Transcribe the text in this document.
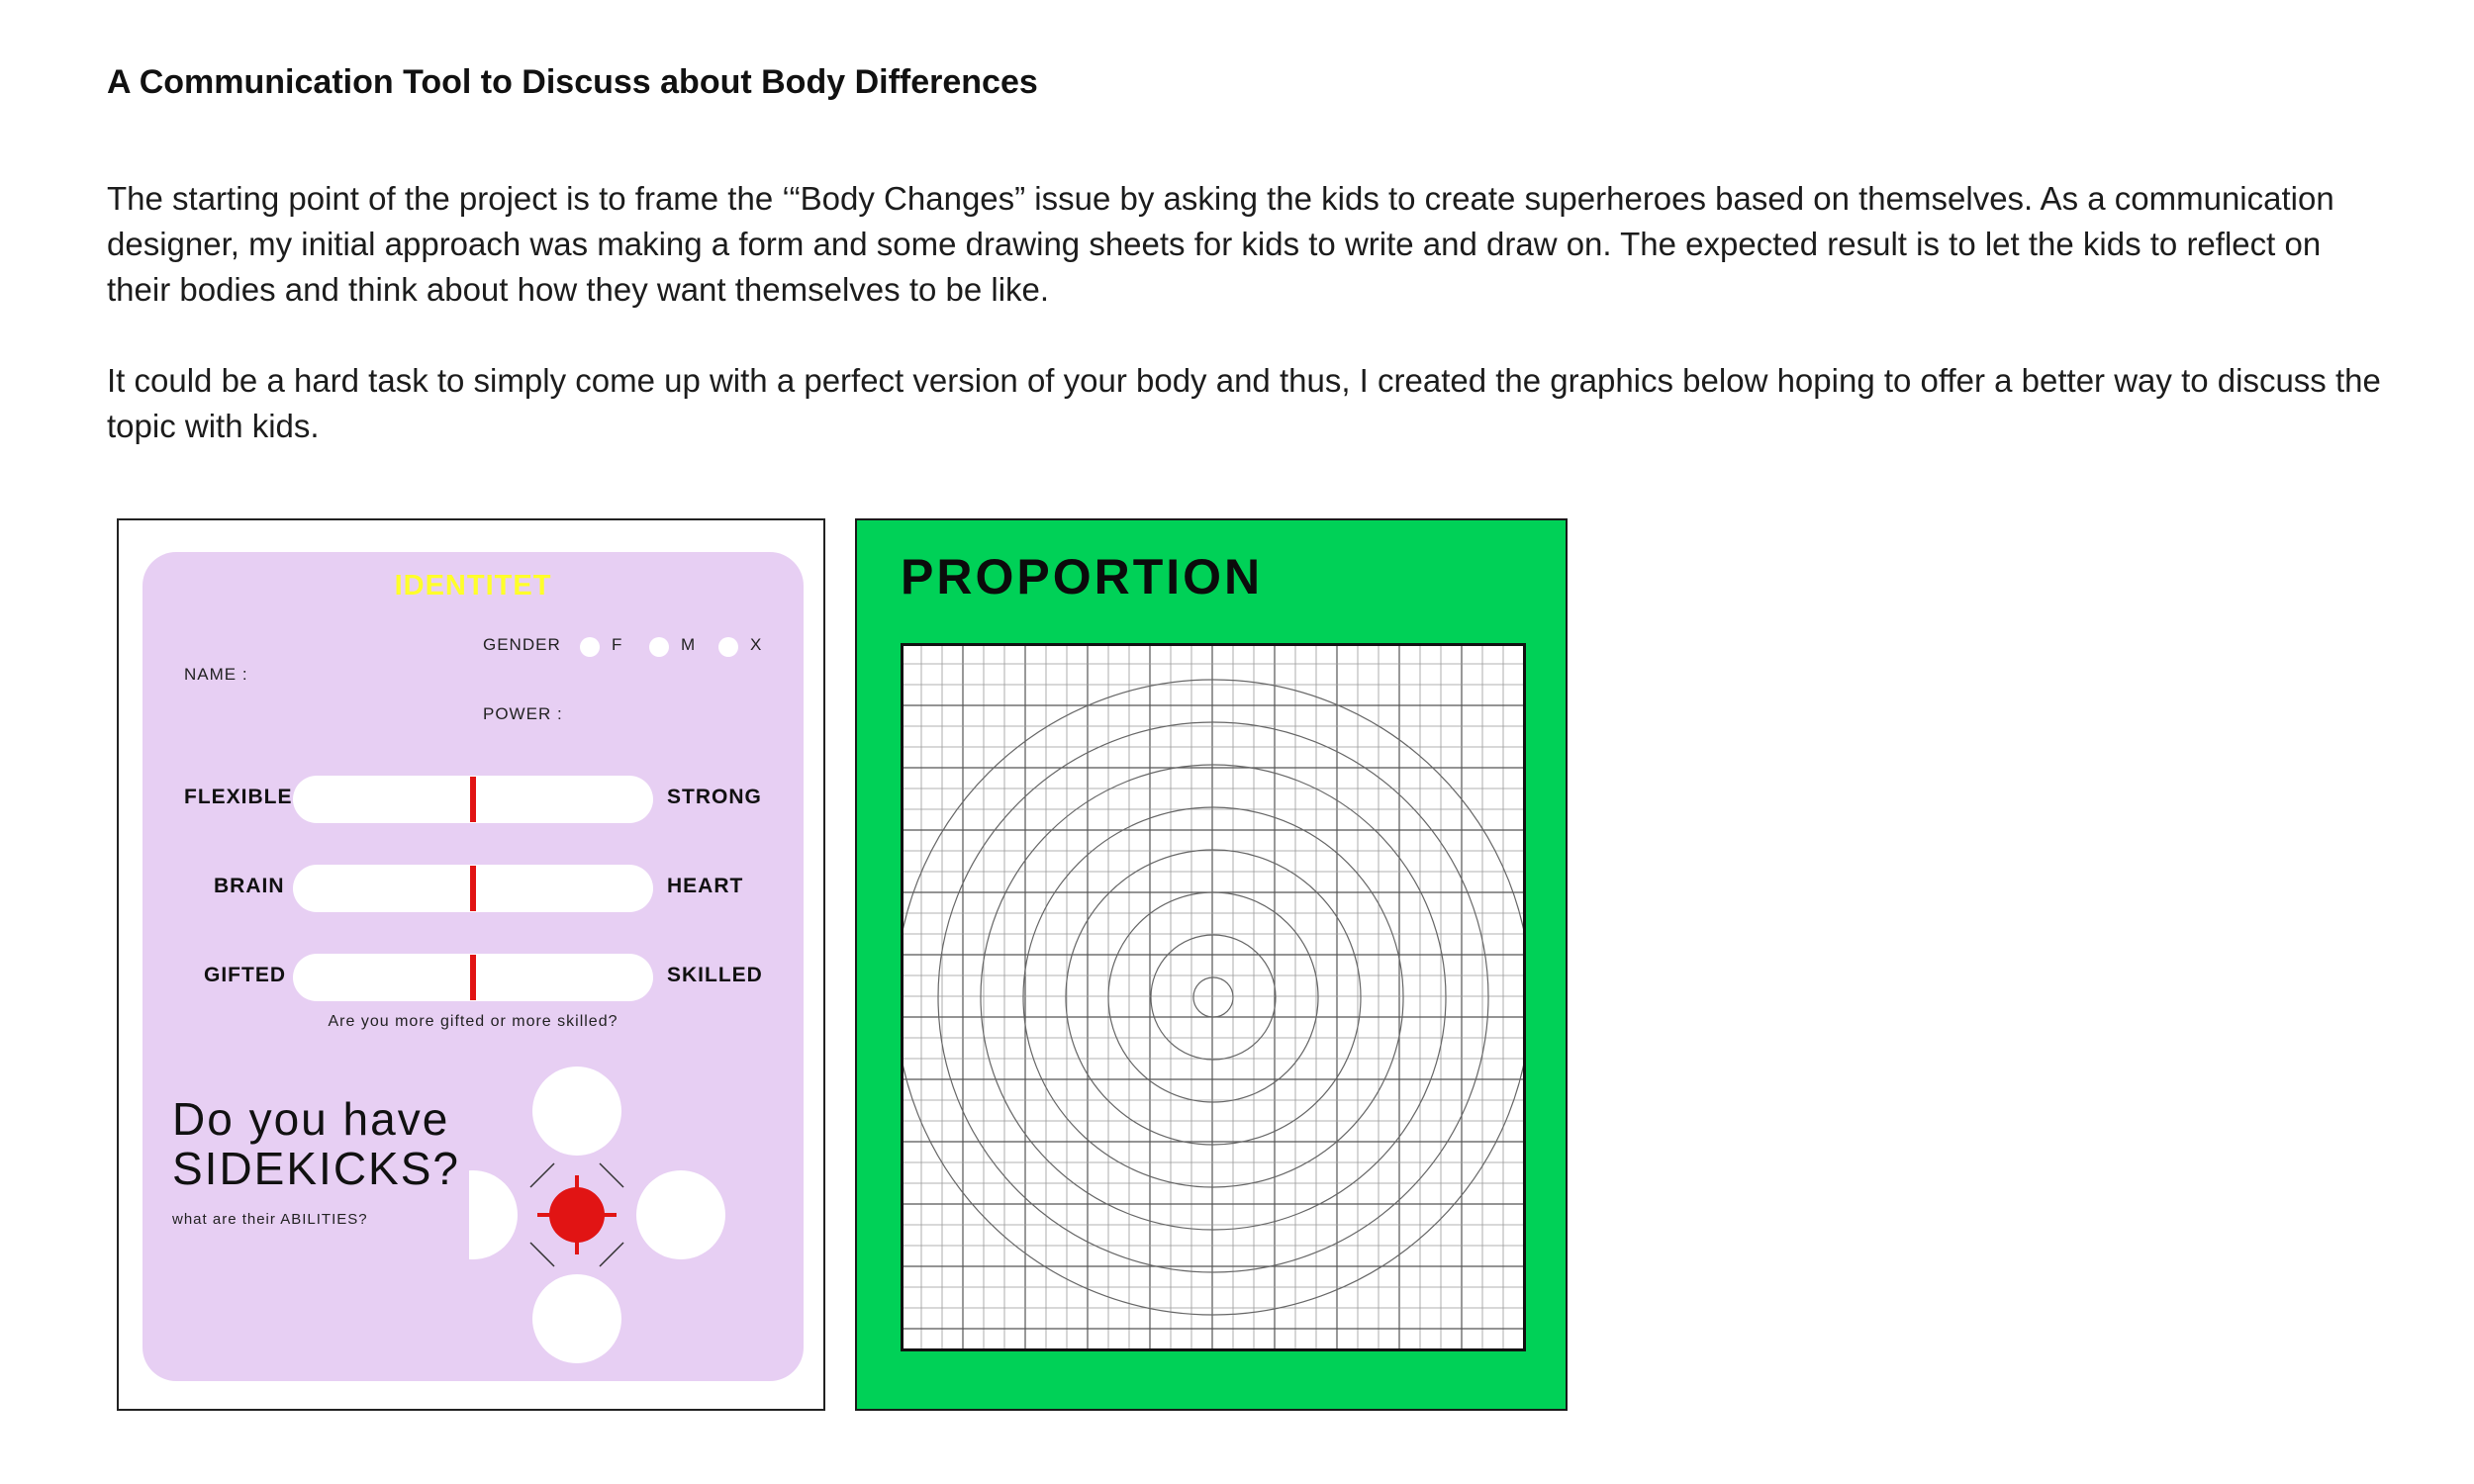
A Communication Tool to Discuss about Body Differences

The starting point of the project is to frame the ‘“Body Changes” issue by asking the kids to create superheroes based on themselves. As a communication designer, my initial approach was making a form and some drawing sheets for kids to write and draw on. The expected result is to let the kids to reflect on their bodies and think about how they want themselves to be like.

It could be a hard task to simply come up with a perfect version of your body and thus, I created the graphics below hoping to offer a better way to discuss the topic with kids.

IDENTITET
GENDER	F	M	X
NAME :
POWER :
FLEXIBLE	STRONG
BRAIN	HEART
GIFTED	SKILLED
Are you more gifted or more skilled?
Do you have
SIDEKICKS?
what are their ABILITIES?
PROPORTION
